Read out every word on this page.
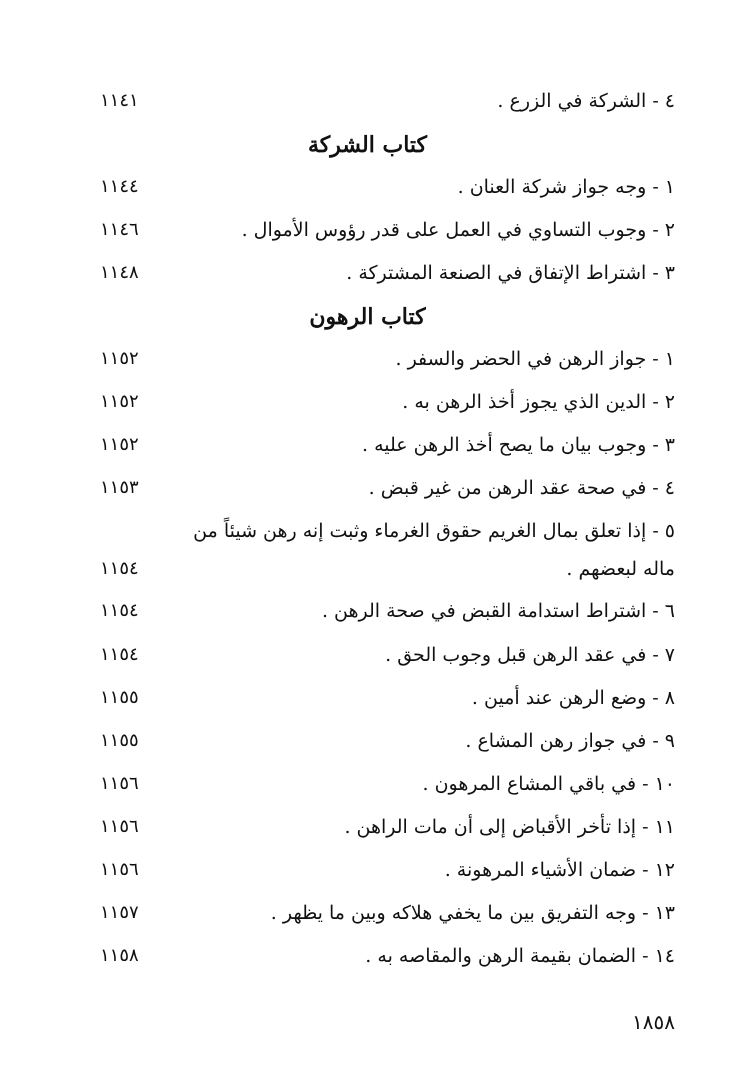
٤ - الشركة في الزرع .
١١٤١
كتاب الشركة
١ - وجه جواز شركة العنان .
١١٤٤
٢ - وجوب التساوي في العمل على قدر رؤوس الأموال .
١١٤٦
٣ - اشتراط الإتفاق في الصنعة المشتركة .
١١٤٨
كتاب الرهون
١ - جواز الرهن في الحضر والسفر .
١١٥٢
٢ - الدين الذي يجوز أخذ الرهن به .
١١٥٢
٣ - وجوب بيان ما يصح أخذ الرهن عليه .
١١٥٢
٤ - في صحة عقد الرهن من غير قبض .
١١٥٣
٥ - إذا تعلق بمال الغريم حقوق الغرماء وثبت إنه رهن شيئاً من
ماله لبعضهم .
١١٥٤
٦ - اشتراط استدامة القبض في صحة الرهن .
١١٥٤
٧ - في عقد الرهن قبل وجوب الحق .
١١٥٤
٨ - وضع الرهن عند أمين .
١١٥٥
٩ - في جواز رهن المشاع .
١١٥٥
١٠ - في باقي المشاع المرهون .
١١٥٦
١١ - إذا تأخر الأقباض إلى أن مات الراهن .
١١٥٦
١٢ - ضمان الأشياء المرهونة .
١١٥٦
١٣ - وجه التفريق بين ما يخفي هلاكه وبين ما يظهر .
١١٥٧
١٤ - الضمان بقيمة الرهن والمقاصه به .
١١٥٨
١٨٥٨
